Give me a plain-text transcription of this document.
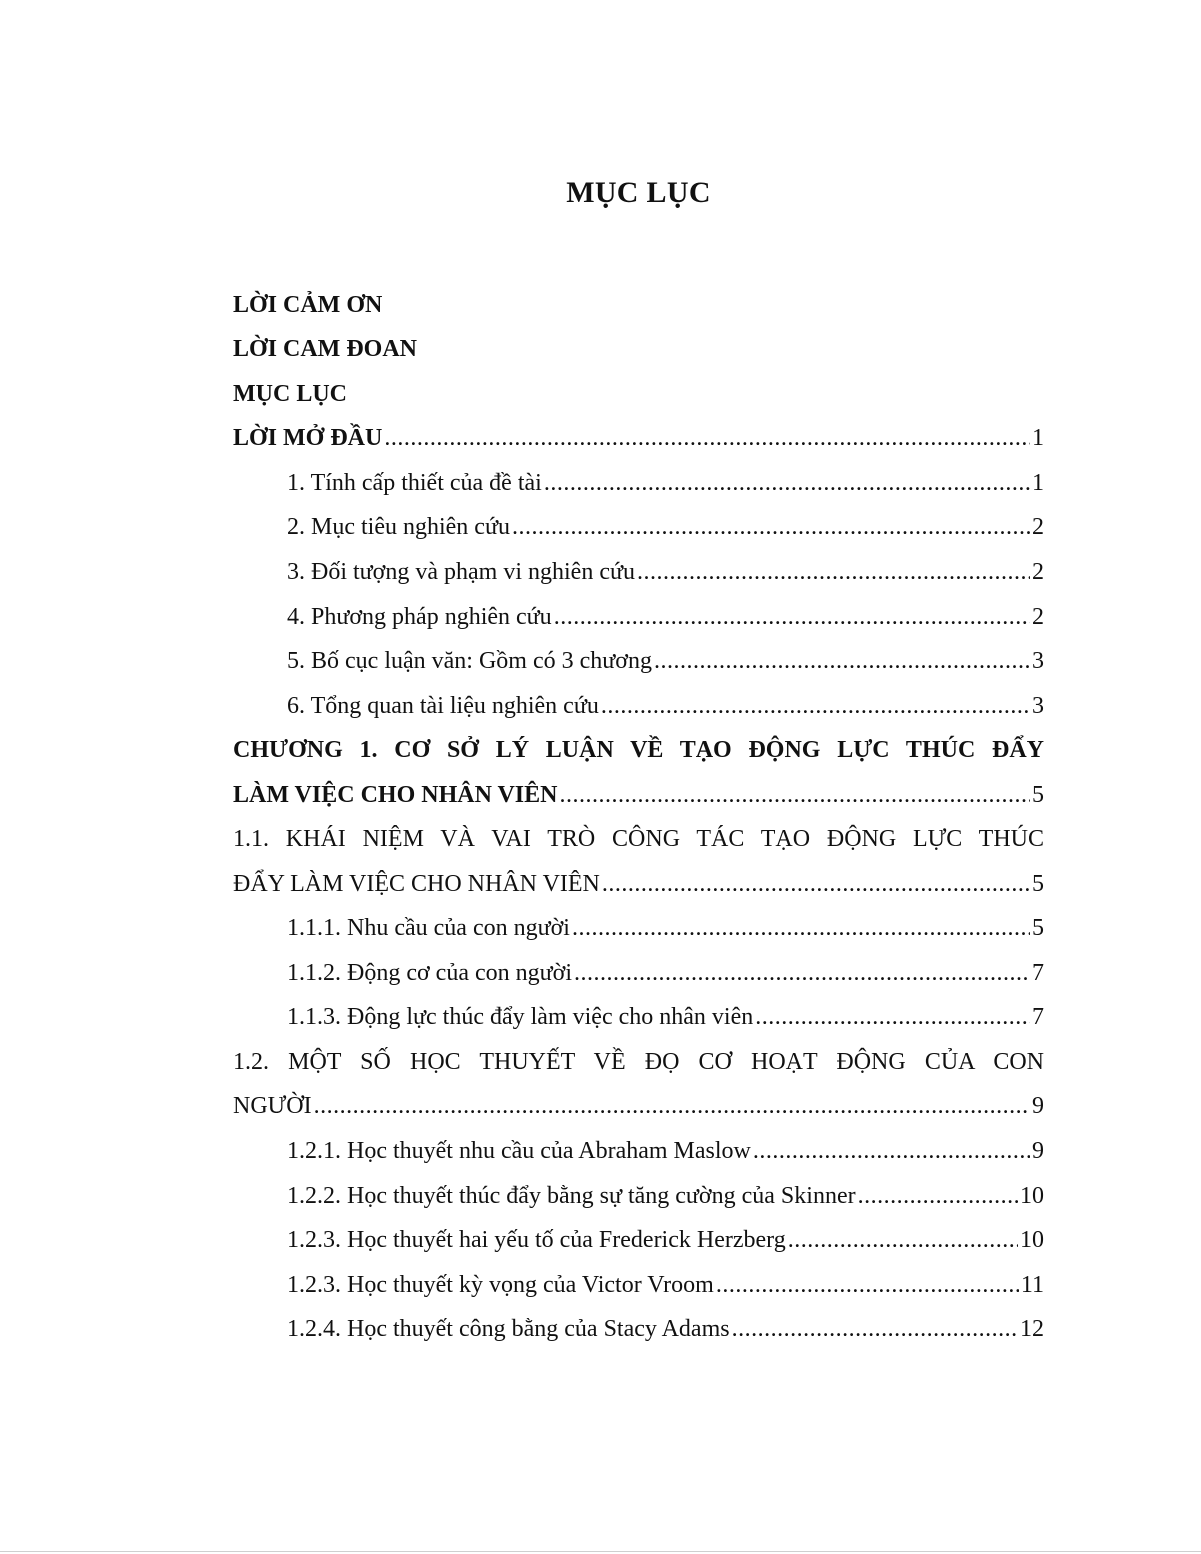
MỤC LỤC
LỜI CẢM ƠN
LỜI CAM ĐOAN
MỤC LỤC
LỜI MỞ ĐẦU .....	1
1. Tính cấp thiết của đề tài .....	1
2. Mục tiêu nghiên cứu .....	2
3. Đối tượng và phạm vi nghiên cứu .....	2
4. Phương pháp nghiên cứu .....	2
5. Bố cục luận văn: Gồm có 3 chương .....	3
6. Tổng quan tài liệu nghiên cứu .....	3
CHƯƠNG 1. CƠ SỞ LÝ LUẬN VỀ TẠO ĐỘNG LỰC THÚC ĐẨY
LÀM VIỆC CHO NHÂN VIÊN .....	5
1.1. KHÁI NIỆM VÀ VAI TRÒ CÔNG TÁC TẠO ĐỘNG LỰC THÚC
ĐẨY LÀM VIỆC CHO NHÂN VIÊN .....	5
1.1.1. Nhu cầu của con người .....	5
1.1.2. Động cơ của con người .....	7
1.1.3. Động lực thúc đẩy làm việc cho nhân viên .....	7
1.2. MỘT SỐ HỌC THUYẾT VỀ ĐỌ CƠ HOẠT ĐỘNG CỦA CON
NGƯỜI .....	9
1.2.1. Học thuyết nhu cầu của Abraham Maslow .....	9
1.2.2. Học thuyết thúc đẩy bằng sự tăng cường của Skinner .....	10
1.2.3. Học thuyết hai yếu tố của Frederick Herzberg .....	10
1.2.3. Học thuyết kỳ vọng của Victor Vroom .....	11
1.2.4. Học thuyết công bằng của Stacy Adams .....	12
